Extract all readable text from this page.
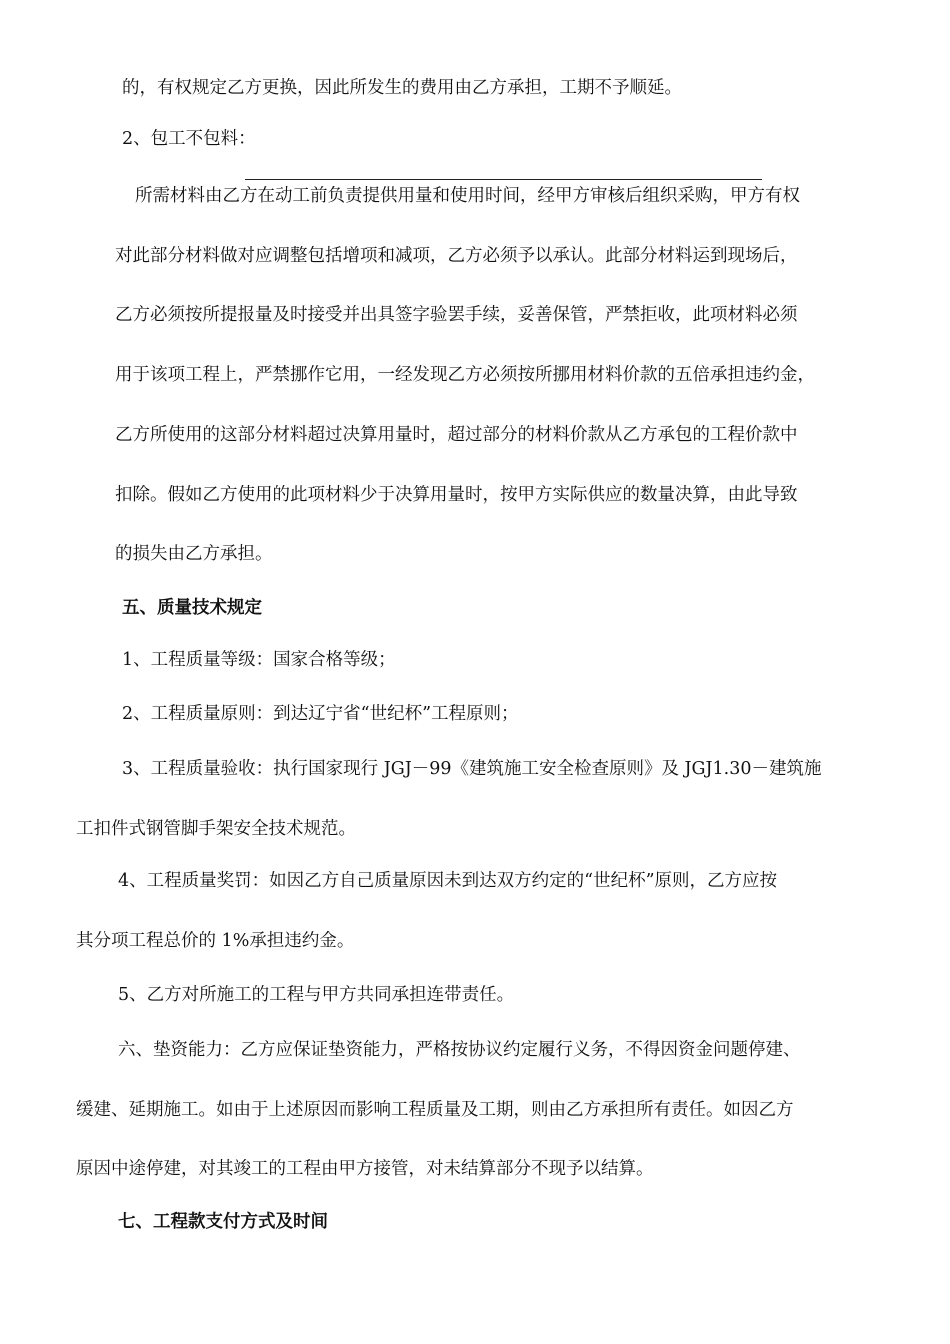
的，有权规定乙方更换，因此所发生的费用由乙方承担，工期不予顺延。
2、包工不包料：
所需材料由乙方在动工前负责提供用量和使用时间，经甲方审核后组织采购，甲方有权
对此部分材料做对应调整包括增项和减项，乙方必须予以承认。此部分材料运到现场后，
乙方必须按所提报量及时接受并出具签字验罢手续，妥善保管，严禁拒收，此项材料必须
用于该项工程上，严禁挪作它用，一经发现乙方必须按所挪用材料价款的五倍承担违约金，
乙方所使用的这部分材料超过决算用量时，超过部分的材料价款从乙方承包的工程价款中
扣除。假如乙方使用的此项材料少于决算用量时，按甲方实际供应的数量决算，由此导致
的损失由乙方承担。
五、质量技术规定
1、工程质量等级：国家合格等级；
2、工程质量原则：到达辽宁省“世纪杯”工程原则；
3、工程质量验收：执行国家现行 JGJ－99《建筑施工安全检查原则》及 JGJ1.30－建筑施
工扣件式钢管脚手架安全技术规范。
4、工程质量奖罚：如因乙方自己质量原因未到达双方约定的“世纪杯”原则，乙方应按
其分项工程总价的 1%承担违约金。
5、乙方对所施工的工程与甲方共同承担连带责任。
六、垫资能力：乙方应保证垫资能力，严格按协议约定履行义务，不得因资金问题停建、
缓建、延期施工。如由于上述原因而影响工程质量及工期，则由乙方承担所有责任。如因乙方
原因中途停建，对其竣工的工程由甲方接管，对未结算部分不现予以结算。
七、工程款支付方式及时间
